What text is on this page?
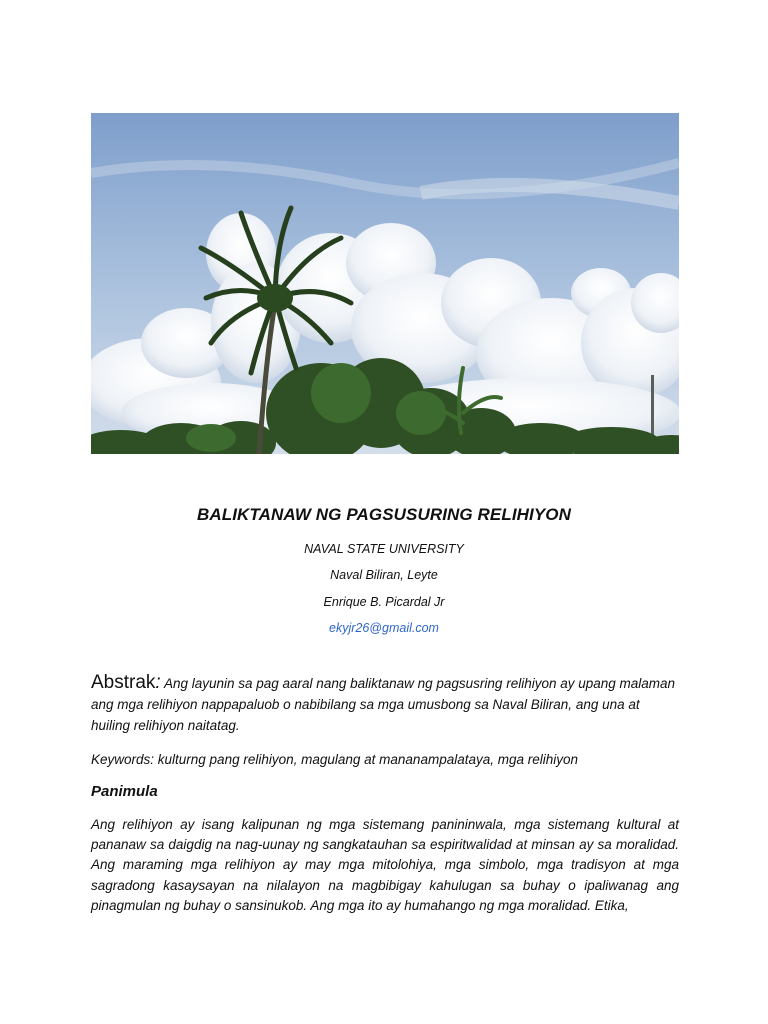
BALIKTANAW NG PAGSUSURING RELIHIYON
NAVAL STATE UNIVERSITY
Naval Biliran, Leyte
Enrique B. Picardal Jr
ekyjr26@gmail.com
Abstrak: Ang layunin sa pag aaral nang baliktanaw ng pagsusring relihiyon ay upang malaman ang mga relihiyon nappapaluob o nabibilang sa mga umusbong sa Naval Biliran, ang una at huiling relihiyon naitatag.
Keywords: kulturng pang relihiyon, magulang at mananampalataya, mga relihiyon
Panimula
Ang relihiyon ay isang kalipunan ng mga sistemang panininwala, mga sistemang kultural at pananaw sa daigdig na nag-uunay ng sangkatauhan sa espiritwalidad at minsan ay sa moralidad. Ang maraming mga relihiyon ay may mga mitolohiya, mga simbolo, mga tradisyon at mga sagradong kasaysayan na nilalayon na magbibigay kahulugan sa buhay o ipaliwanag ang pinagmulan ng buhay o sansinukob. Ang mga ito ay humahango ng mga moralidad. Etika,
